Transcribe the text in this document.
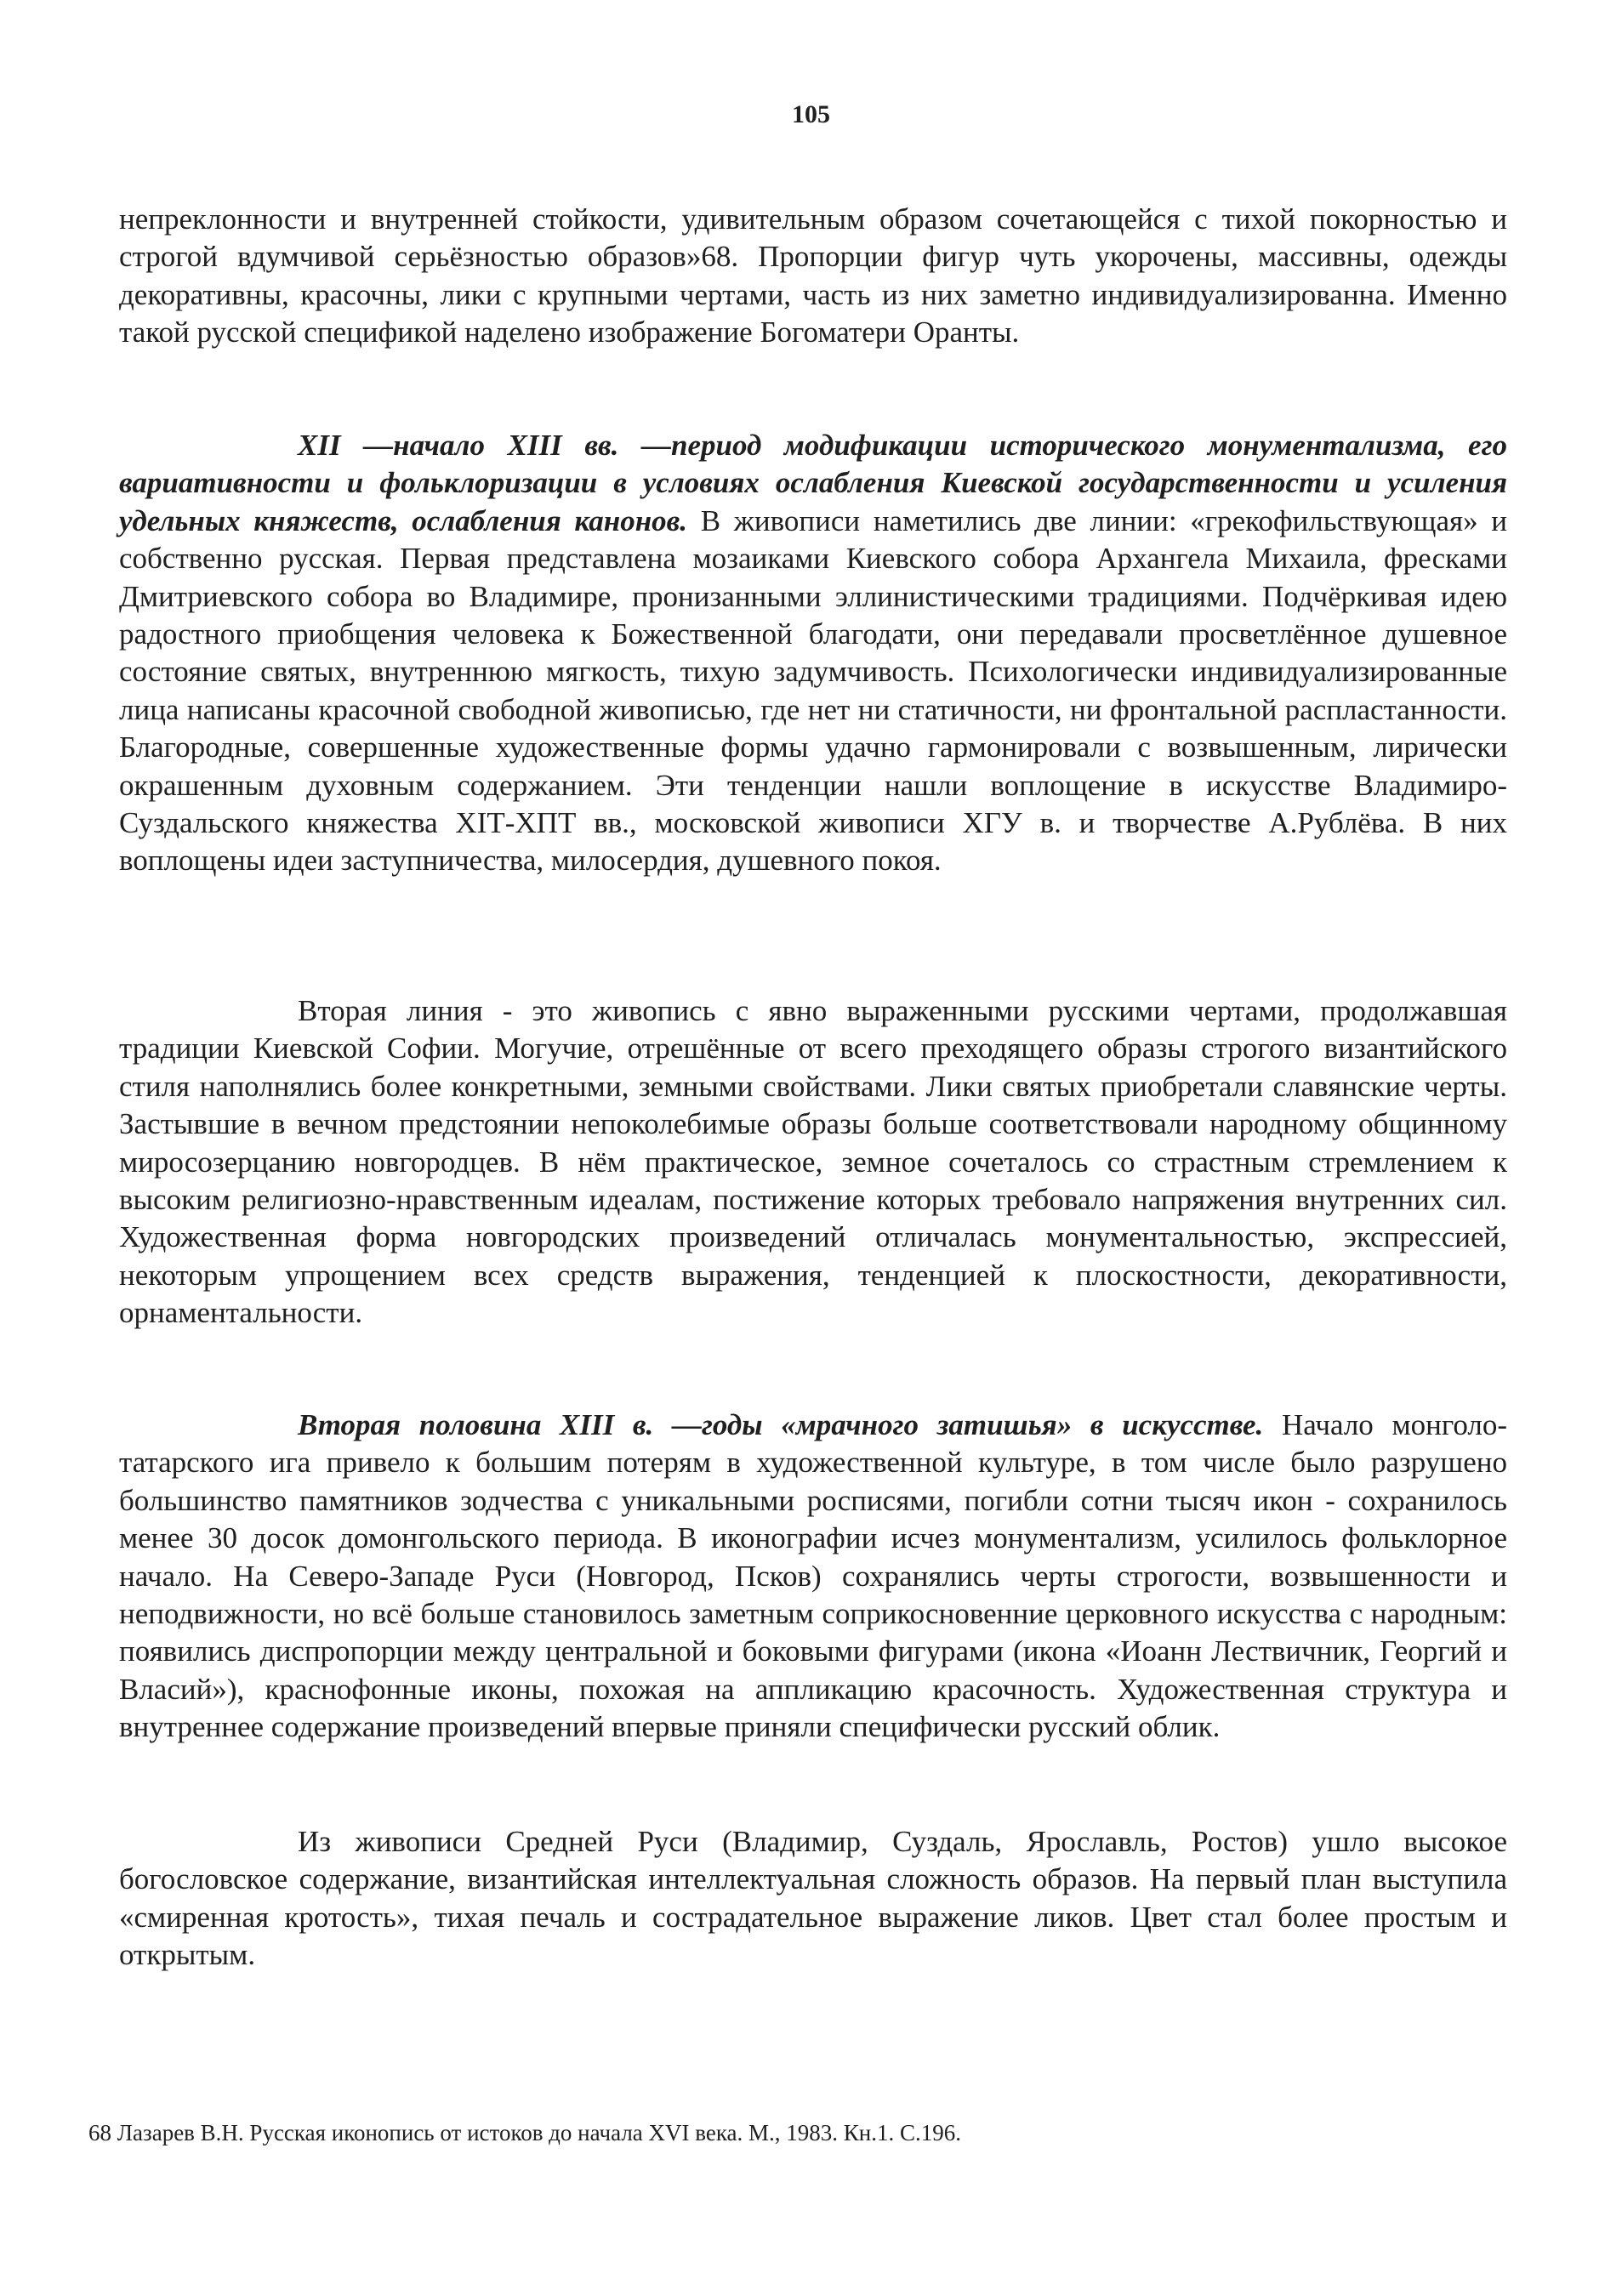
105

непреклонности и внутренней стойкости, удивительным образом сочетающейся с тихой покорностью и строгой вдумчивой серьёзностью образов»68. Пропорции фигур чуть укорочены, массивны, одежды декоративны, красочны, лики с крупными чертами, часть из них заметно индивидуализированна. Именно такой русской спецификой наделено изображение Богоматери Оранты.

XII —начало XIII вв. —период модификации исторического монументализма, его вариативности и фольклоризации в условиях ослабления Киевской государственности и усиления удельных княжеств, ослабления канонов. В живописи наметились две линии: «грекофильствующая» и собственно русская. Первая представлена мозаиками Киевского собора Архангела Михаила, фресками Дмитриевского собора во Владимире, пронизанными эллинистическими традициями. Подчёркивая идею радостного приобщения человека к Божественной благодати, они передавали просветлённое душевное состояние святых, внутреннюю мягкость, тихую задумчивость. Психологически индивидуализированные лица написаны красочной свободной живописью, где нет ни статичности, ни фронтальной распластанности. Благородные, совершенные художественные формы удачно гармонировали с возвышенным, лирически окрашенным духовным содержанием. Эти тенденции нашли воплощение в искусстве Владимиро-Суздальского княжества ХІТ-ХПТ вв., московской живописи ХГУ в. и творчестве А.Рублёва. В них воплощены идеи заступничества, милосердия, душевного покоя.

Вторая линия - это живопись с явно выраженными русскими чертами, продолжавшая традиции Киевской Софии. Могучие, отрешённые от всего преходящего образы строгого византийского стиля наполнялись более конкретными, земными свойствами. Лики святых приобретали славянские черты. Застывшие в вечном предстоянии непоколебимые образы больше соответствовали народному общинному миросозерцанию новгородцев. В нём практическое, земное сочеталось со страстным стремлением к высоким религиозно-нравственным идеалам, постижение которых требовало напряжения внутренних сил. Художественная форма новгородских произведений отличалась монументальностью, экспрессией, некоторым упрощением всех средств выражения, тенденцией к плоскостности, декоративности, орнаментальности.

Вторая половина XIII в. —годы «мрачного затишья» в искусстве. Начало монголо-татарского ига привело к большим потерям в художественной культуре, в том числе было разрушено большинство памятников зодчества с уникальными росписями, погибли сотни тысяч икон - сохранилось менее 30 досок домонгольского периода. В иконографии исчез монументализм, усилилось фольклорное начало. На Северо-Западе Руси (Новгород, Псков) сохранялись черты строгости, возвышенности и неподвижности, но всё больше становилось заметным соприкосновенние церковного искусства с народным: появились диспропорции между центральной и боковыми фигурами (икона «Иоанн Лествичник, Георгий и Власий»), краснофонные иконы, похожая на аппликацию красочность. Художественная структура и внутреннее содержание произведений впервые приняли специфически русский облик.

Из живописи Средней Руси (Владимир, Суздаль, Ярославль, Ростов) ушло высокое богословское содержание, византийская интеллектуальная сложность образов. На первый план выступила «смиренная кротость», тихая печаль и сострадательное выражение ликов. Цвет стал более простым и открытым.

68 Лазарев В.Н. Русская иконопись от истоков до начала XVI века. М., 1983. Кн.1. С.196.
